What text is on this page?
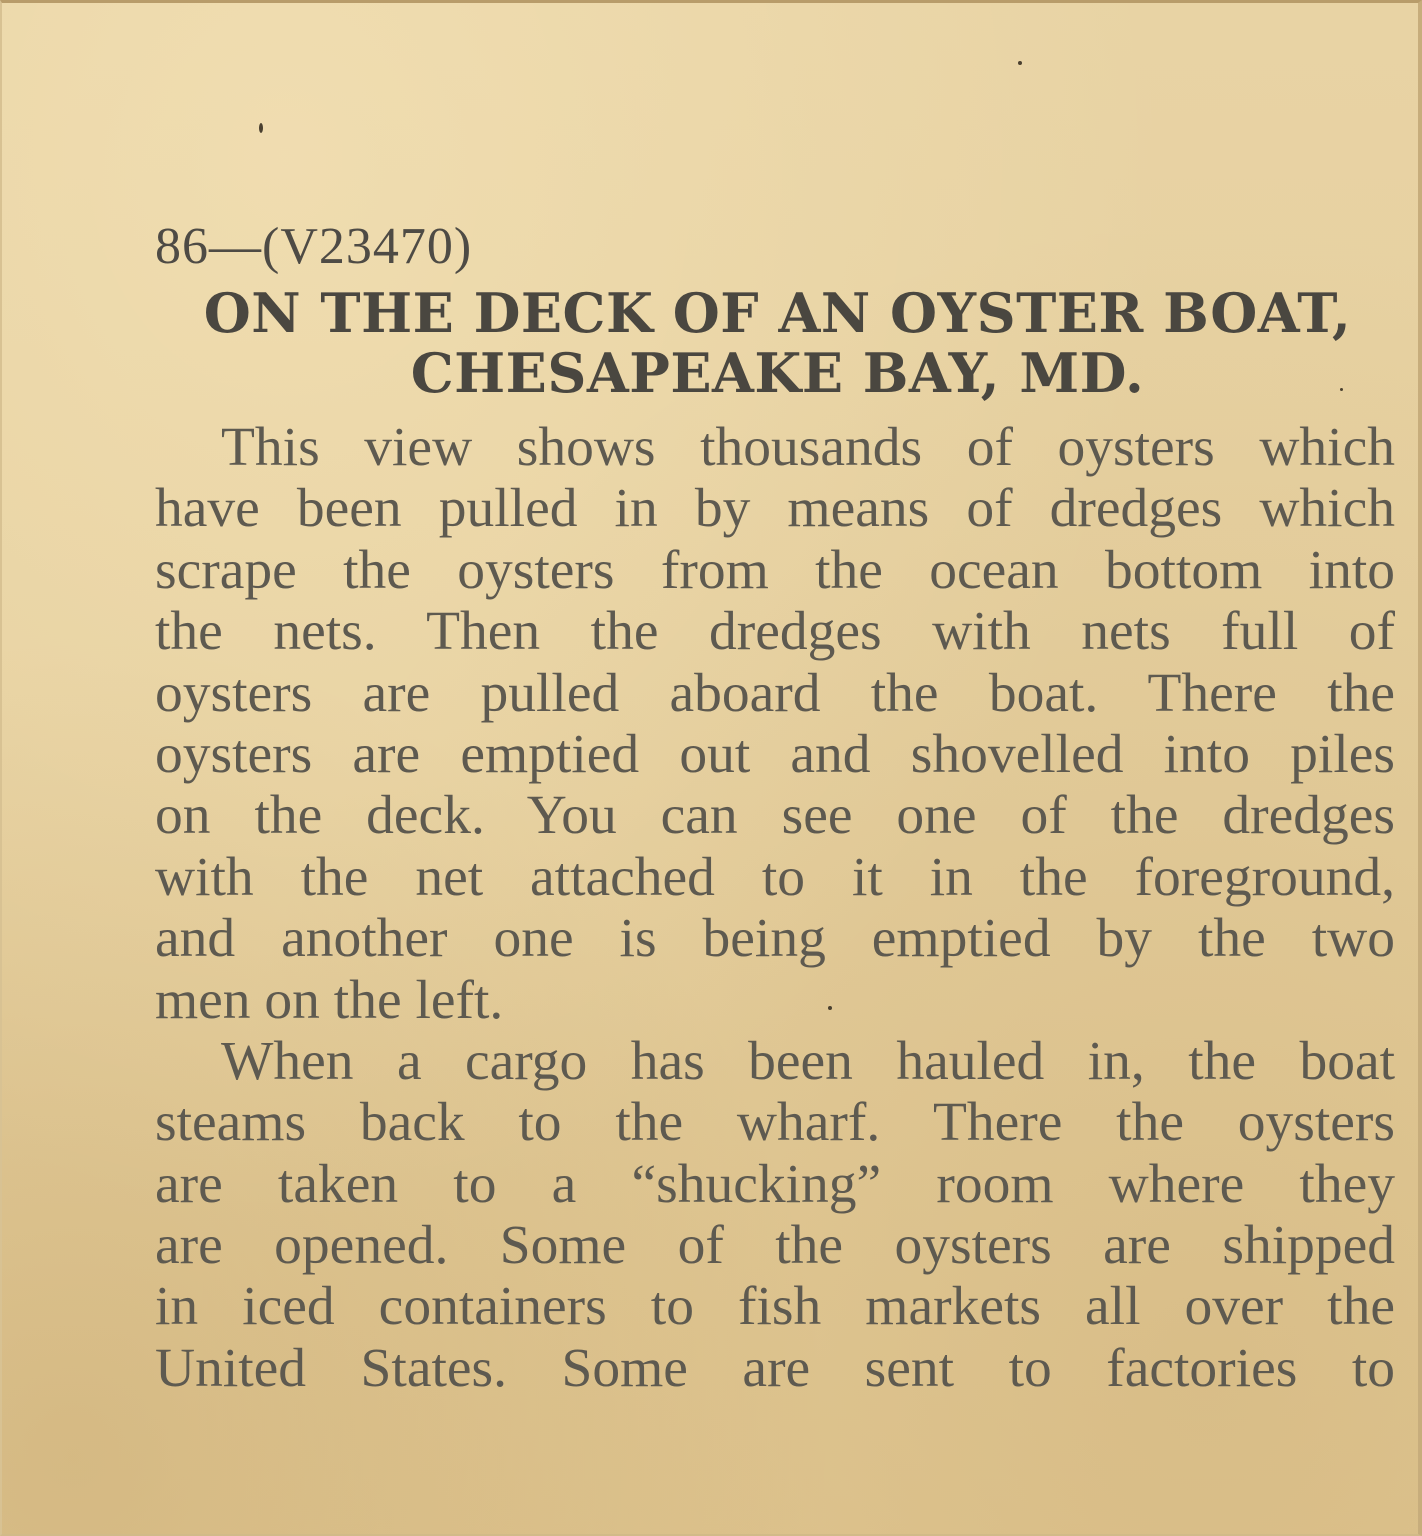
86—(V23470)
ON THE DECK OF AN OYSTER BOAT,
CHESAPEAKE BAY, MD.
This view shows thousands of oysters which
have been pulled in by means of dredges which
scrape the oysters from the ocean bottom into
the nets. Then the dredges with nets full of
oysters are pulled aboard the boat. There the
oysters are emptied out and shovelled into piles
on the deck. You can see one of the dredges
with the net attached to it in the foreground,
and another one is being emptied by the two
men on the left.
When a cargo has been hauled in, the boat
steams back to the wharf. There the oysters
are taken to a “shucking” room where they
are opened. Some of the oysters are shipped
in iced containers to fish markets all over the
United States. Some are sent to factories to
